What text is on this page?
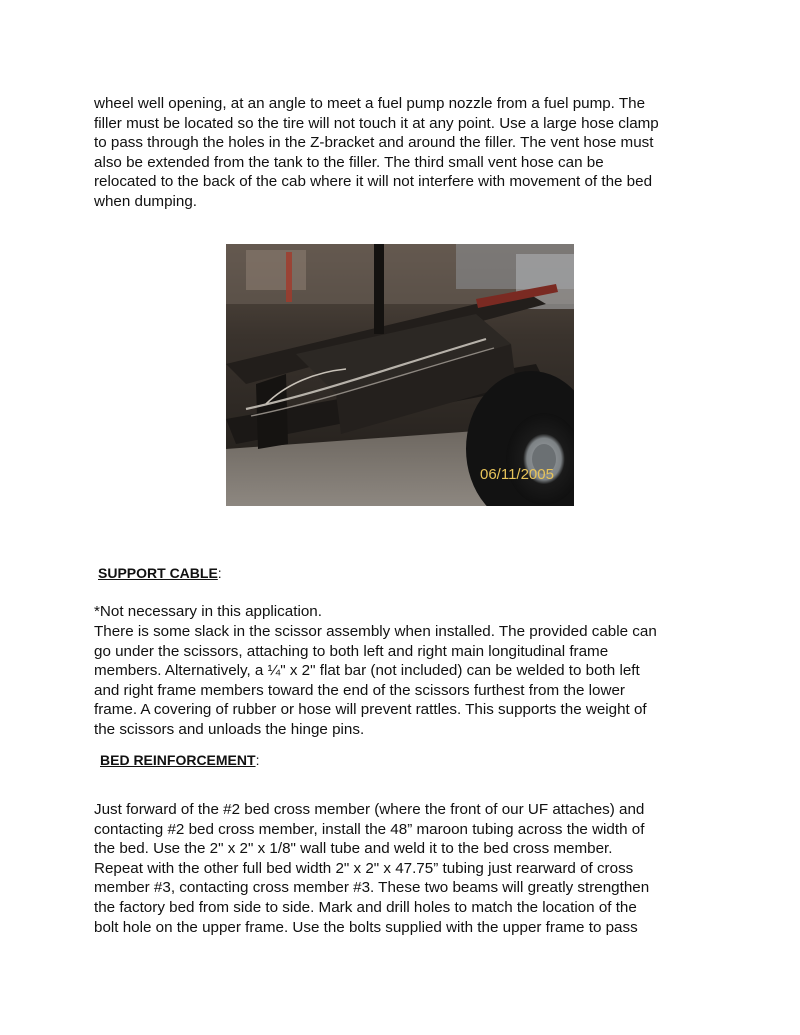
wheel well opening, at an angle to meet a fuel pump nozzle from a fuel pump. The
filler must be located so the tire will not touch it at any point. Use a large hose clamp
to pass through the holes in the Z-bracket and around the filler. The vent hose must
also be extended from the tank to the filler. The third small vent hose can be
relocated to the back of the cab where it will not interfere with movement of the bed
when dumping.

06/11/2005

SUPPORT CABLE:

*Not necessary in this application.

There is some slack in the scissor assembly when installed. The provided cable can
go under the scissors, attaching to both left and right main longitudinal frame
members. Alternatively, a ¼" x 2" flat bar (not included) can be welded to both left
and right frame members toward the end of the scissors furthest from the lower
frame. A covering of rubber or hose will prevent rattles. This supports the weight of
the scissors and unloads the hinge pins.

BED REINFORCEMENT:

Just forward of the #2 bed cross member (where the front of our UF attaches) and
contacting #2 bed cross member, install the 48” maroon tubing across the width of
the bed. Use the 2" x 2" x 1/8" wall tube and weld it to the bed cross member.
Repeat with the other full bed width 2" x 2" x 47.75” tubing just rearward of cross
member #3, contacting cross member #3. These two beams will greatly strengthen
the factory bed from side to side. Mark and drill holes to match the location of the
bolt hole on the upper frame. Use the bolts supplied with the upper frame to pass
